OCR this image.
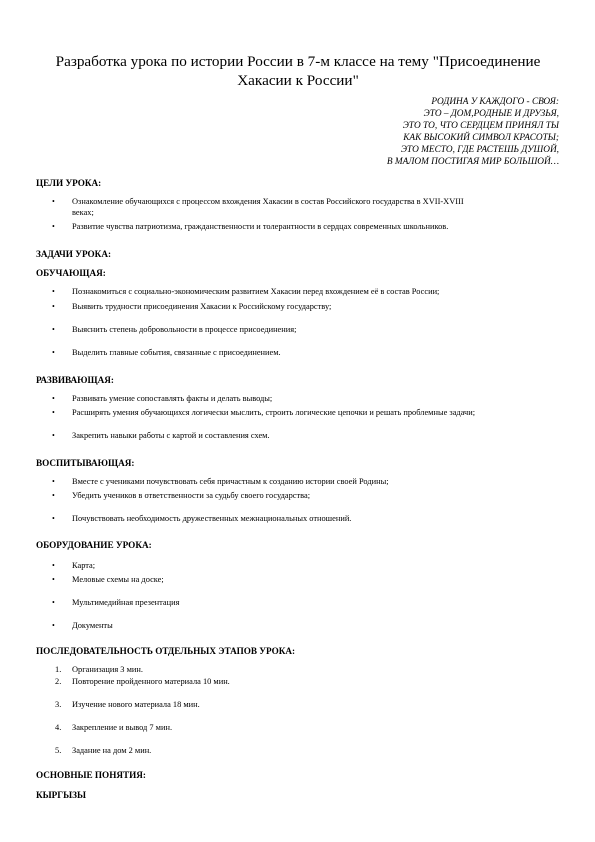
Разработка урока по истории России в 7-м классе на тему "Присоединение
Хакасии к России"
РОДИНА У КАЖДОГО - СВОЯ:
ЭТО – ДОМ,РОДНЫЕ И ДРУЗЬЯ,
ЭТО ТО, ЧТО СЕРДЦЕМ ПРИНЯЛ ТЫ
КАК ВЫСОКИЙ СИМВОЛ КРАСОТЫ;
ЭТО МЕСТО, ГДЕ РАСТЕШЬ ДУШОЙ,
В МАЛОМ ПОСТИГАЯ МИР БОЛЬШОЙ…
ЦЕЛИ УРОКА:
• Ознакомление обучающихся с процессом вхождения Хакасии в состав Российского государства в XVII-XVIII
веках;
• Развитие чувства патриотизма, гражданственности и толерантности в сердцах современных школьников.
ЗАДАЧИ УРОКА:
ОБУЧАЮЩАЯ:
• Познакомиться с социально-экономическим развитием Хакасии перед вхождением её в состав России;
• Выявить трудности присоединения Хакасии к Российскому государству;
• Выяснить степень добровольности в процессе присоединения;
• Выделить главные события, связанные с присоединением.
РАЗВИВАЮЩАЯ:
• Развивать умение сопоставлять факты и делать выводы;
• Расширять умения обучающихся логически мыслить, строить логические цепочки и решать проблемные задачи;
• Закрепить навыки работы с картой и составления схем.
ВОСПИТЫВАЮЩАЯ:
• Вместе с учениками почувствовать себя причастным к созданию истории своей Родины;
• Убедить учеников в ответственности за судьбу своего государства;
• Почувствовать необходимость дружественных межнациональных отношений.
ОБОРУДОВАНИЕ УРОКА:
• Карта;
• Меловые схемы на доске;
• Мультимедийная презентация
• Документы
ПОСЛЕДОВАТЕЛЬНОСТЬ ОТДЕЛЬНЫХ ЭТАПОВ УРОКА:
1. Организация 3 мин.
2. Повторение пройденного материала 10 мин.
3. Изучение нового материала 18 мин.
4. Закрепление и вывод 7 мин.
5. Задание на дом 2 мин.
ОСНОВНЫЕ ПОНЯТИЯ:
КЫРГЫЗЫ
